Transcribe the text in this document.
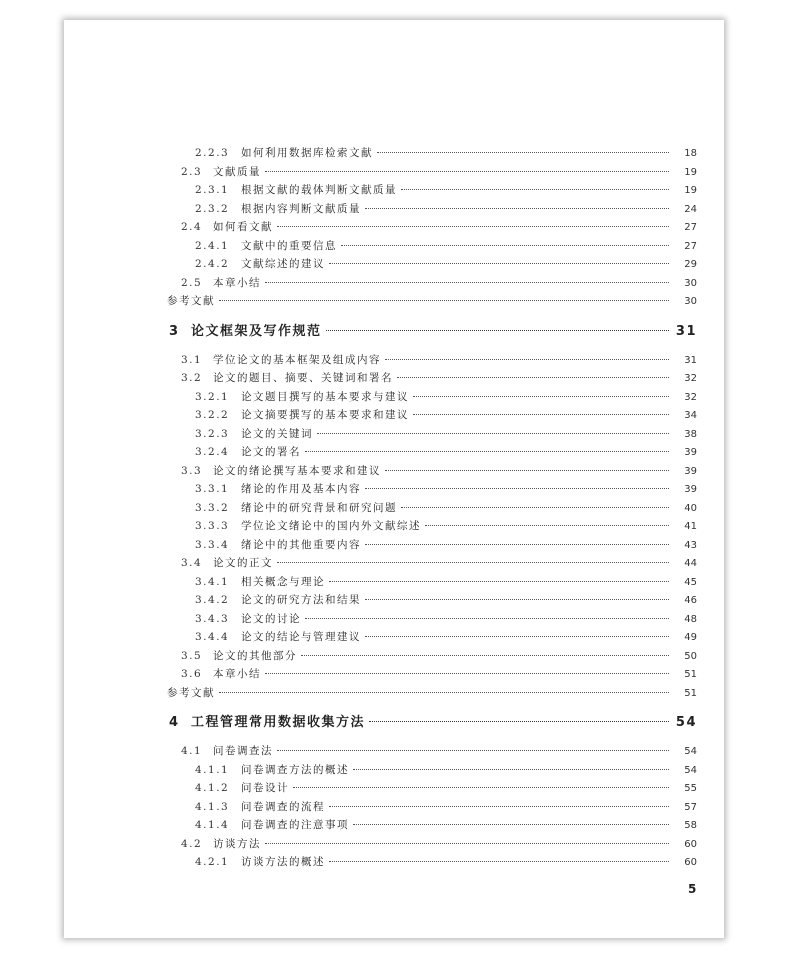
2.2.3	如何利用数据库检索文献	18
2.3	文献质量	19
2.3.1	根据文献的载体判断文献质量	19
2.3.2	根据内容判断文献质量	24
2.4	如何看文献	27
2.4.1	文献中的重要信息	27
2.4.2	文献综述的建议	29
2.5	本章小结	30
参考文献	30
3 论文框架及写作规范	31
3.1	学位论文的基本框架及组成内容	31
3.2	论文的题目、摘要、关键词和署名	32
3.2.1	论文题目撰写的基本要求与建议	32
3.2.2	论文摘要撰写的基本要求和建议	34
3.2.3	论文的关键词	38
3.2.4	论文的署名	39
3.3	论文的绪论撰写基本要求和建议	39
3.3.1	绪论的作用及基本内容	39
3.3.2	绪论中的研究背景和研究问题	40
3.3.3	学位论文绪论中的国内外文献综述	41
3.3.4	绪论中的其他重要内容	43
3.4	论文的正文	44
3.4.1	相关概念与理论	45
3.4.2	论文的研究方法和结果	46
3.4.3	论文的讨论	48
3.4.4	论文的结论与管理建议	49
3.5	论文的其他部分	50
3.6	本章小结	51
参考文献	51
4 工程管理常用数据收集方法	54
4.1	问卷调查法	54
4.1.1	问卷调查方法的概述	54
4.1.2	问卷设计	55
4.1.3	问卷调查的流程	57
4.1.4	问卷调查的注意事项	58
4.2	访谈方法	60
4.2.1	访谈方法的概述	60
5
